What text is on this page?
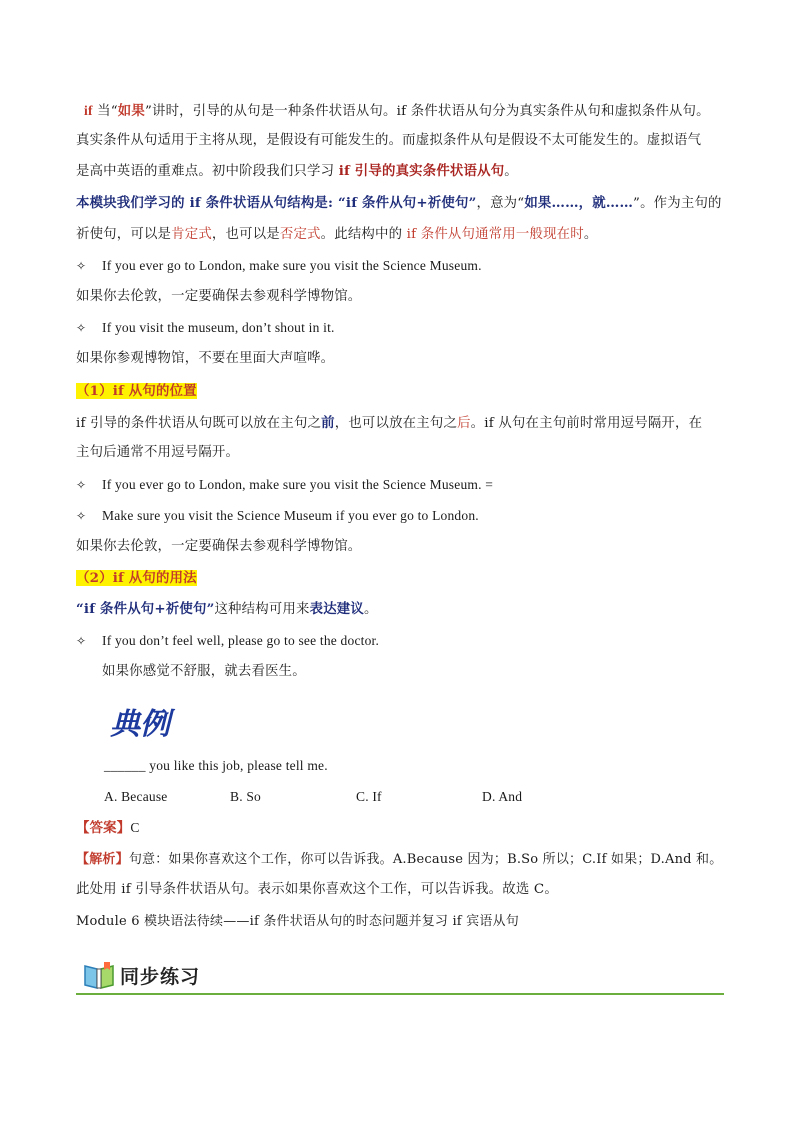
if 当“如果”讲时，引导的从句是一种条件状语从句。if 条件状语从句分为真实条件从句和虚拟条件从句。
真实条件从句适用于主将从现，是假设有可能发生的。而虚拟条件从句是假设不太可能发生的。虚拟语气
是高中英语的重难点。初中阶段我们只学习 if 引导的真实条件状语从句。
本模块我们学习的 if 条件状语从句结构是: “if 条件从句+祈使句”，意为“如果……，就……”。作为主句的
祈使句，可以是肯定式，也可以是否定式。此结构中的 if 条件从句通常用一般现在时。
✧ If you ever go to London, make sure you visit the Science Museum.
如果你去伦敦，一定要确保去参观科学博物馆。
✧ If you visit the museum, don’t shout in it.
如果你参观博物馆，不要在里面大声喧哗。
（1）if 从句的位置
if 引导的条件状语从句既可以放在主句之前，也可以放在主句之后。if 从句在主句前时常用逗号隔开，在
主句后通常不用逗号隔开。
✧ If you ever go to London, make sure you visit the Science Museum. =
✧ Make sure you visit the Science Museum if you ever go to London.
如果你去伦敦，一定要确保去参观科学博物馆。
（2）if 从句的用法
“if 条件从句+祈使句”这种结构可用来表达建议。
✧ If you don’t feel well, please go to see the doctor.
如果你感觉不舒服，就去看医生。
典例
______ you like this job, please tell me.
A. Because	B. So	C. If	D. And
【答案】C
【解析】句意：如果你喜欢这个工作，你可以告诉我。A.Because 因为；B.So 所以；C.If 如果；D.And 和。
此处用 if 引导条件状语从句。表示如果你喜欢这个工作，可以告诉我。故选 C。
Module 6 模块语法待续——if 条件状语从句的时态问题并复习 if 宾语从句
同步练习
